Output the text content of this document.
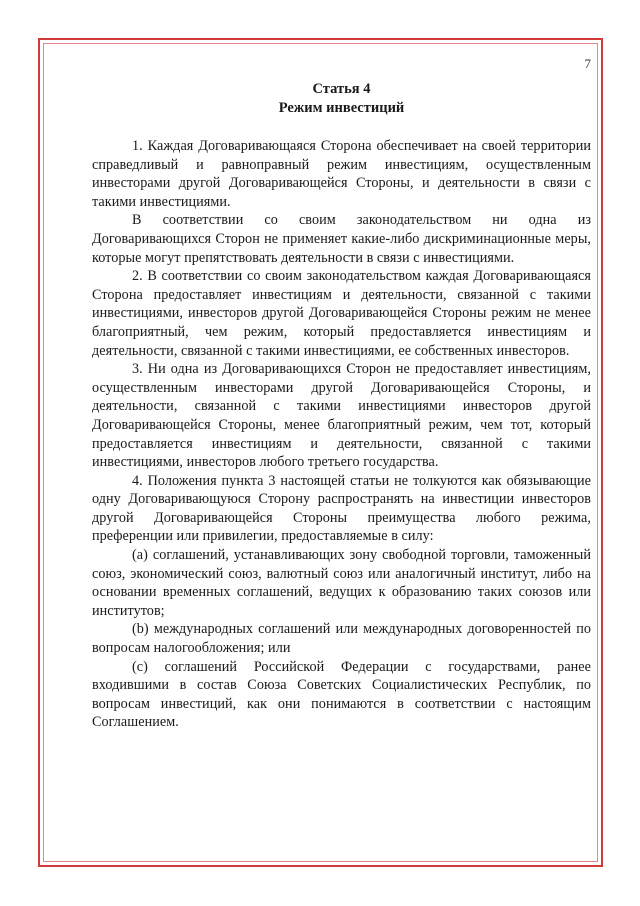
7
Статья 4
Режим инвестиций

1. Каждая Договаривающаяся Сторона обеспечивает на своей территории справедливый и равноправный режим инвестициям, осуществленным инвесторами другой Договаривающейся Стороны, и деятельности в связи с такими инвестициями.

В соответствии со своим законодательством ни одна из Договаривающихся Сторон не применяет какие-либо дискриминационные меры, которые могут препятствовать деятельности в связи с инвестициями.

2. В соответствии со своим законодательством каждая Договаривающаяся Сторона предоставляет инвестициям и деятельности, связанной с такими инвестициями, инвесторов другой Договаривающейся Стороны режим не менее благоприятный, чем режим, который предоставляется инвестициям и деятельности, связанной с такими инвестициями, ее собственных инвесторов.

3. Ни одна из Договаривающихся Сторон не предоставляет инвестициям, осуществленным инвесторами другой Договаривающейся Стороны, и деятельности, связанной с такими инвестициями инвесторов другой Договаривающейся Стороны, менее благоприятный режим, чем тот, который предоставляется инвестициям и деятельности, связанной с такими инвестициями, инвесторов любого третьего государства.

4. Положения пункта 3 настоящей статьи не толкуются как обязывающие одну Договаривающуюся Сторону распространять на инвестиции инвесторов другой Договаривающейся Стороны преимущества любого режима, преференции или привилегии, предоставляемые в силу:

(a) соглашений, устанавливающих зону свободной торговли, таможенный союз, экономический союз, валютный союз или аналогичный институт, либо на основании временных соглашений, ведущих к образованию таких союзов или институтов;

(b) международных соглашений или международных договоренностей по вопросам налогообложения; или

(c) соглашений Российской Федерации с государствами, ранее входившими в состав Союза Советских Социалистических Республик, по вопросам инвестиций, как они понимаются в соответствии с настоящим Соглашением.
